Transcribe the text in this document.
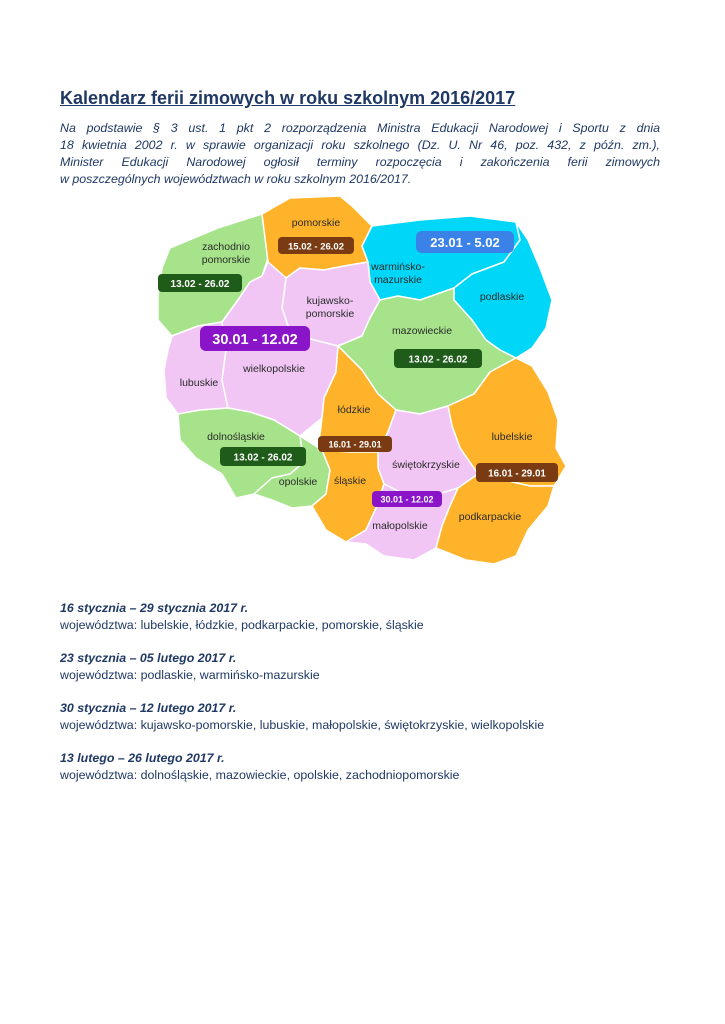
Kalendarz ferii zimowych w roku szkolnym 2016/2017

Na podstawie § 3 ust. 1 pkt 2 rozporządzenia Ministra Edukacji Narodowej i Sportu z dnia
18 kwietnia 2002 r. w sprawie organizacji roku szkolnego (Dz. U. Nr 46, poz. 432, z późn. zm.),
Minister Edukacji Narodowej ogłosił terminy rozpoczęcia i zakończenia ferii zimowych
w poszczególnych województwach w roku szkolnym 2016/2017.

pomorskie
zachodnio
pomorskie
warmińsko-
mazurskie
podlaskie
kujawsko-
pomorskie
mazowieckie
wielkopolskie
lubuskie
łódzkie
lubelskie
dolnośląskie
świętokrzyskie
opolskie śląskie
małopolskie
podkarpackie
15.02 - 26.02	23.01 - 5.02
13.02 - 26.02
30.01 - 12.02
13.02 - 26.02
16.01 - 29.01
13.02 - 26.02
16.01 - 29.01
30.01 - 12.02

16 stycznia – 29 stycznia 2017 r.

województwa: lubelskie, łódzkie, podkarpackie, pomorskie, śląskie

23 stycznia – 05 lutego 2017 r.

województwa: podlaskie, warmińsko-mazurskie

30 stycznia – 12 lutego 2017 r.

województwa: kujawsko-pomorskie, lubuskie, małopolskie, świętokrzyskie, wielkopolskie

13 lutego – 26 lutego 2017 r.

województwa: dolnośląskie, mazowieckie, opolskie, zachodniopomorskie
